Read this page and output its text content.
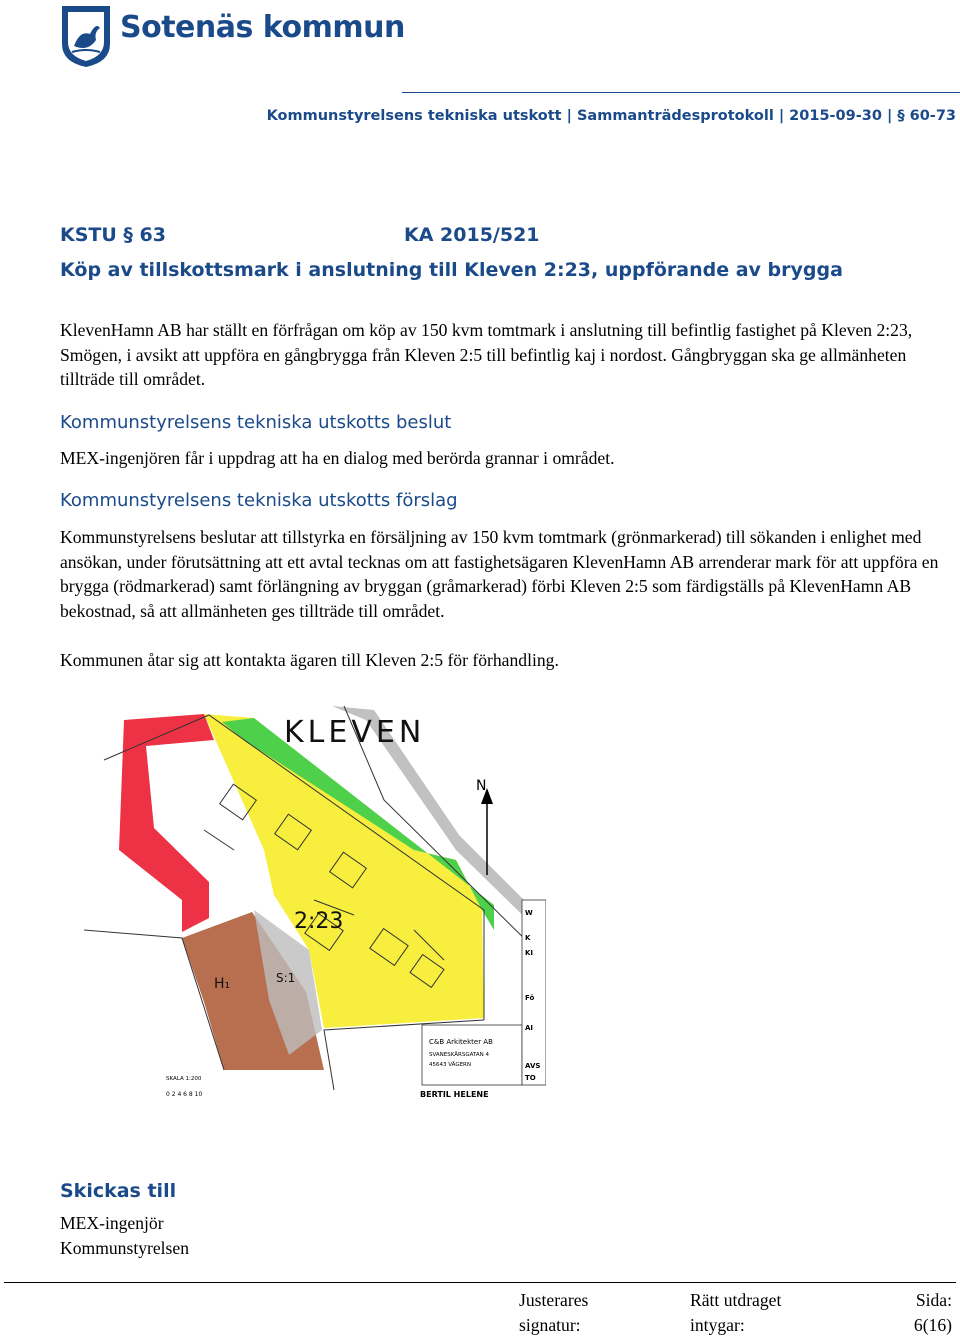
Sotenäs kommun
Kommunstyrelsens tekniska utskott | Sammanträdesprotokoll | 2015-09-30 | § 60-73
KSTU § 63	KA 2015/521
Köp av tillskottsmark i anslutning till Kleven 2:23, uppförande av brygga
KlevenHamn AB har ställt en förfrågan om köp av 150 kvm tomtmark i anslutning till befintlig fastighet på Kleven 2:23, Smögen, i avsikt att uppföra en gångbrygga från Kleven 2:5 till befintlig kaj i nordost. Gångbryggan ska ge allmänheten tillträde till området.
Kommunstyrelsens tekniska utskotts beslut
MEX-ingenjören får i uppdrag att ha en dialog med berörda grannar i området.
Kommunstyrelsens tekniska utskotts förslag
Kommunstyrelsens beslutar att tillstyrka en försäljning av 150 kvm tomtmark (grönmarkerad) till sökanden i enlighet med ansökan, under förutsättning att ett avtal tecknas om att fastighetsägaren KlevenHamn AB arrenderar mark för att uppföra en brygga (rödmarkerad) samt förlängning av bryggan (gråmarkerad) förbi Kleven 2:5 som färdigställs på KlevenHamn AB bekostnad, så att allmänheten ges tillträde till området.
Kommunen åtar sig att kontakta ägaren till Kleven 2:5 för förhandling.
N
KLEVEN
2:23
S:1
H₁
C&B Arkitekter AB
SVANESKÄRSGATAN 4
45643 VÄGERN
W
K
KI
Fö
AI
AVS
TO
SKALA 1:200
0 2 4 6 8 10	BERTIL HELENE
Skickas till
MEX-ingenjör
Kommunstyrelsen
Justerares
signatur:
Rätt utdraget
intygar:
Sida:
6(16)
